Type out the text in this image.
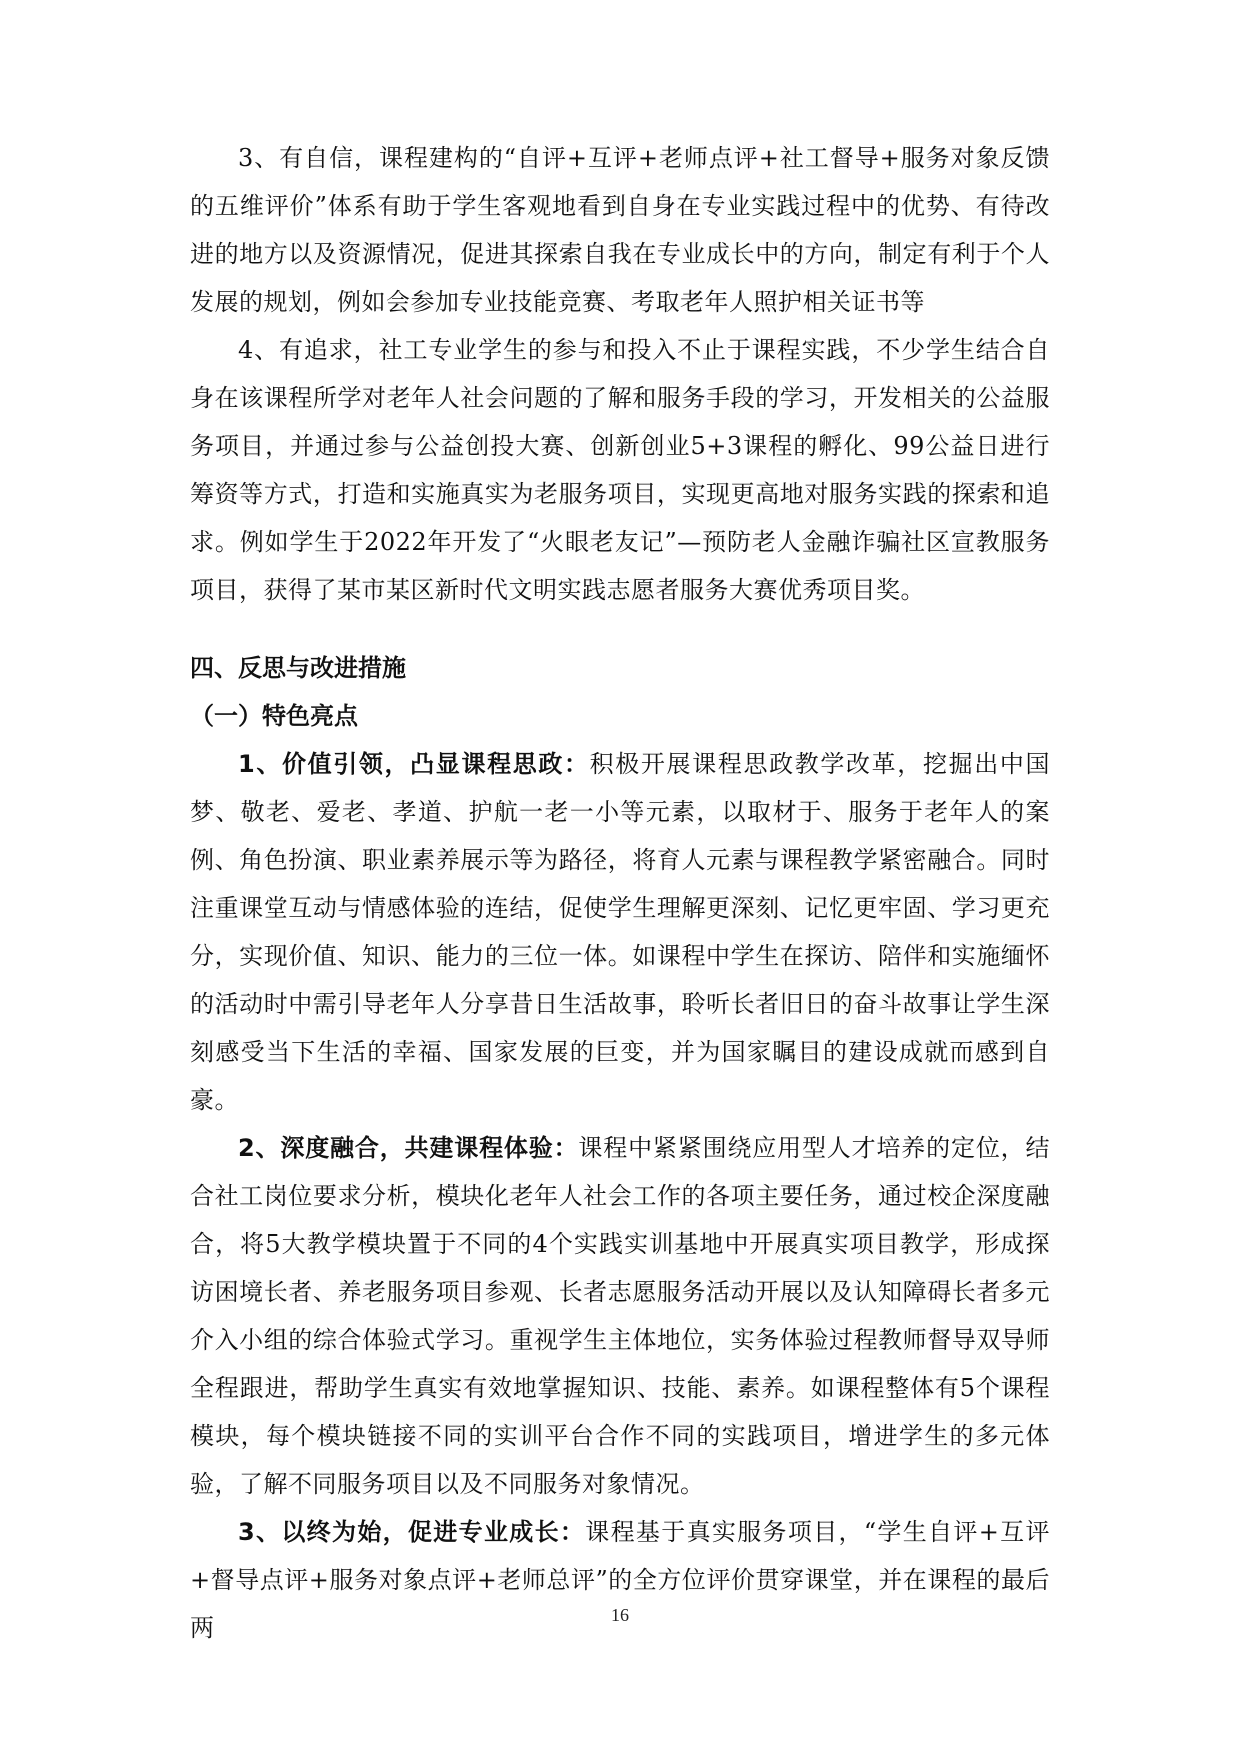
3、有自信，课程建构的“自评+互评+老师点评+社工督导+服务对象反馈的五维评价”体系有助于学生客观地看到自身在专业实践过程中的优势、有待改进的地方以及资源情况，促进其探索自我在专业成长中的方向，制定有利于个人发展的规划，例如会参加专业技能竞赛、考取老年人照护相关证书等

4、有追求，社工专业学生的参与和投入不止于课程实践，不少学生结合自身在该课程所学对老年人社会问题的了解和服务手段的学习，开发相关的公益服务项目，并通过参与公益创投大赛、创新创业5+3课程的孵化、99公益日进行筹资等方式，打造和实施真实为老服务项目，实现更高地对服务实践的探索和追求。例如学生于2022年开发了“火眼老友记”—预防老人金融诈骗社区宣教服务项目，获得了某市某区新时代文明实践志愿者服务大赛优秀项目奖。

四、反思与改进措施
（一）特色亮点

1、价值引领，凸显课程思政：积极开展课程思政教学改革，挖掘出中国梦、敬老、爱老、孝道、护航一老一小等元素，以取材于、服务于老年人的案例、角色扮演、职业素养展示等为路径，将育人元素与课程教学紧密融合。同时注重课堂互动与情感体验的连结，促使学生理解更深刻、记忆更牢固、学习更充分，实现价值、知识、能力的三位一体。如课程中学生在探访、陪伴和实施缅怀的活动时中需引导老年人分享昔日生活故事，聆听长者旧日的奋斗故事让学生深刻感受当下生活的幸福、国家发展的巨变，并为国家瞩目的建设成就而感到自豪。

2、深度融合，共建课程体验：课程中紧紧围绕应用型人才培养的定位，结合社工岗位要求分析，模块化老年人社会工作的各项主要任务，通过校企深度融合，将5大教学模块置于不同的4个实践实训基地中开展真实项目教学，形成探访困境长者、养老服务项目参观、长者志愿服务活动开展以及认知障碍长者多元介入小组的综合体验式学习。重视学生主体地位，实务体验过程教师督导双导师全程跟进，帮助学生真实有效地掌握知识、技能、素养。如课程整体有5个课程模块，每个模块链接不同的实训平台合作不同的实践项目，增进学生的多元体验，了解不同服务项目以及不同服务对象情况。

3、以终为始，促进专业成长：课程基于真实服务项目，“学生自评+互评+督导点评+服务对象点评+老师总评”的全方位评价贯穿课堂，并在课程的最后两	16
